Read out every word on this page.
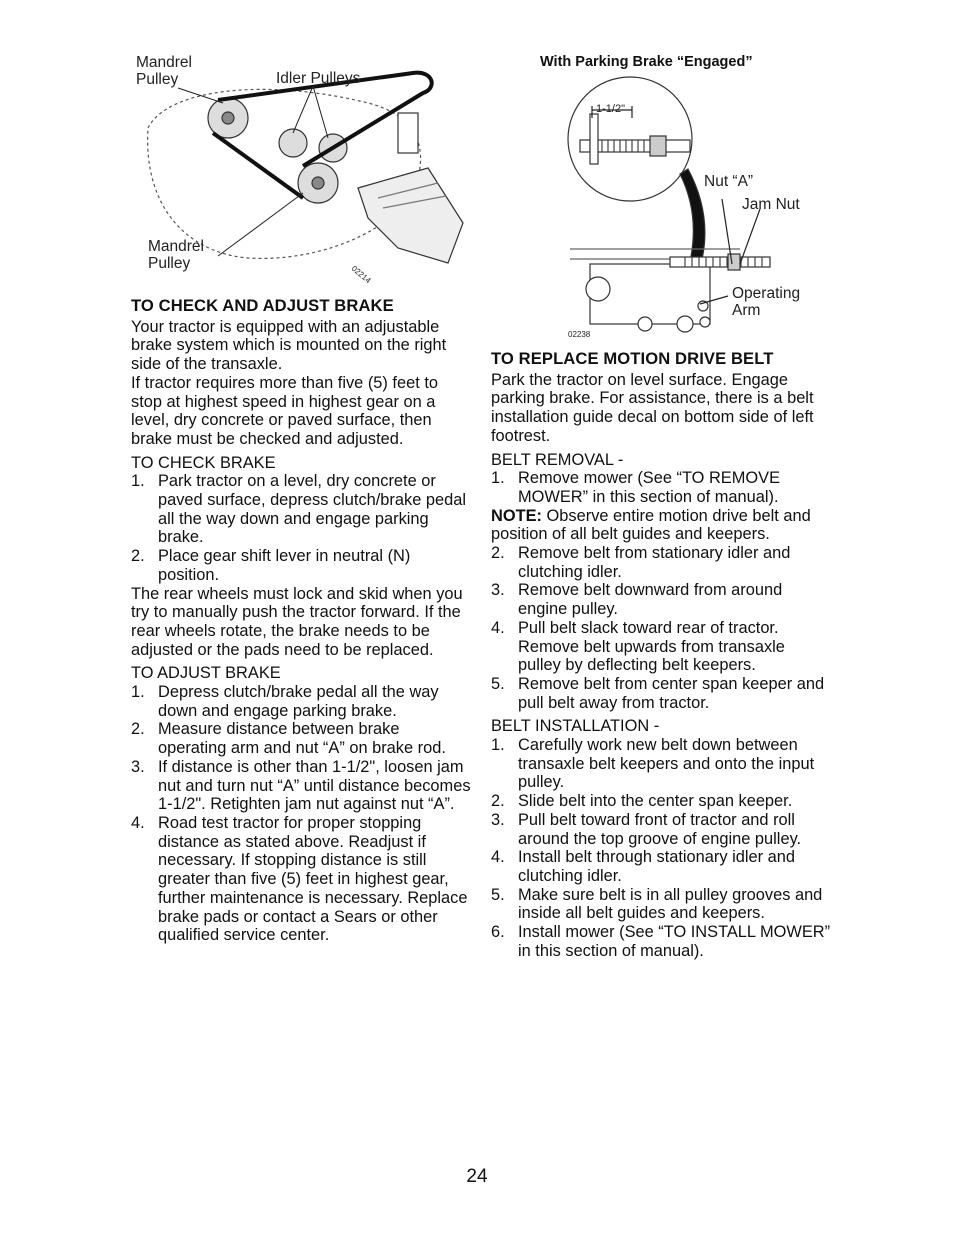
Mandrel
Pulley	Idler Pulleys
Mandrel
Pulley
02214
With Parking Brake “Engaged”
1-1/2"
Nut “A”
Jam Nut
Operating
Arm
02238
TO CHECK AND ADJUST BRAKE

Your tractor is equipped with an adjustable brake system which is mounted on the right side of the transaxle.

If tractor requires more than five (5) feet to stop at highest speed in highest gear on a level, dry concrete or paved surface, then brake must be checked and adjusted.

TO CHECK BRAKE

1. Park tractor on a level, dry concrete or paved surface, depress clutch/brake pedal all the way down and engage parking brake.
2. Place gear shift lever in neutral (N) position.

The rear wheels must lock and skid when you try to manually push the tractor forward. If the rear wheels rotate, the brake needs to be adjusted or the pads need to be replaced.

TO ADJUST BRAKE

1. Depress clutch/brake pedal all the way down and engage parking brake.
2. Measure distance between brake operating arm and nut “A” on brake rod.
3. If distance is other than 1-1/2", loosen jam nut and turn nut “A” until distance becomes 1-1/2". Retighten jam nut against nut “A”.
4. Road test tractor for proper stopping distance as stated above. Readjust if necessary. If stopping distance is still greater than five (5) feet in highest gear, further maintenance is necessary. Replace brake pads or contact a Sears or other qualified service center.
TO REPLACE MOTION DRIVE BELT

Park the tractor on level surface. Engage parking brake. For assistance, there is a belt installation guide decal on bottom side of left footrest.

BELT REMOVAL -

1. Remove mower (See “TO REMOVE MOWER” in this section of manual).

NOTE: Observe entire motion drive belt and position of all belt guides and keepers.

2. Remove belt from stationary idler and clutching idler.
3. Remove belt downward from around engine pulley.
4. Pull belt slack toward rear of tractor. Remove belt upwards from transaxle pulley by deflecting belt keepers.
5. Remove belt from center span keeper and pull belt away from tractor.

BELT INSTALLATION -

1. Carefully work new belt down between transaxle belt keepers and onto the input pulley.
2. Slide belt into the center span keeper.
3. Pull belt toward front of tractor and roll around the top groove of engine pulley.
4. Install belt through stationary idler and clutching idler.
5. Make sure belt is in all pulley grooves and inside all belt guides and keepers.
6. Install mower (See “TO INSTALL MOWER” in this section of manual).
24
